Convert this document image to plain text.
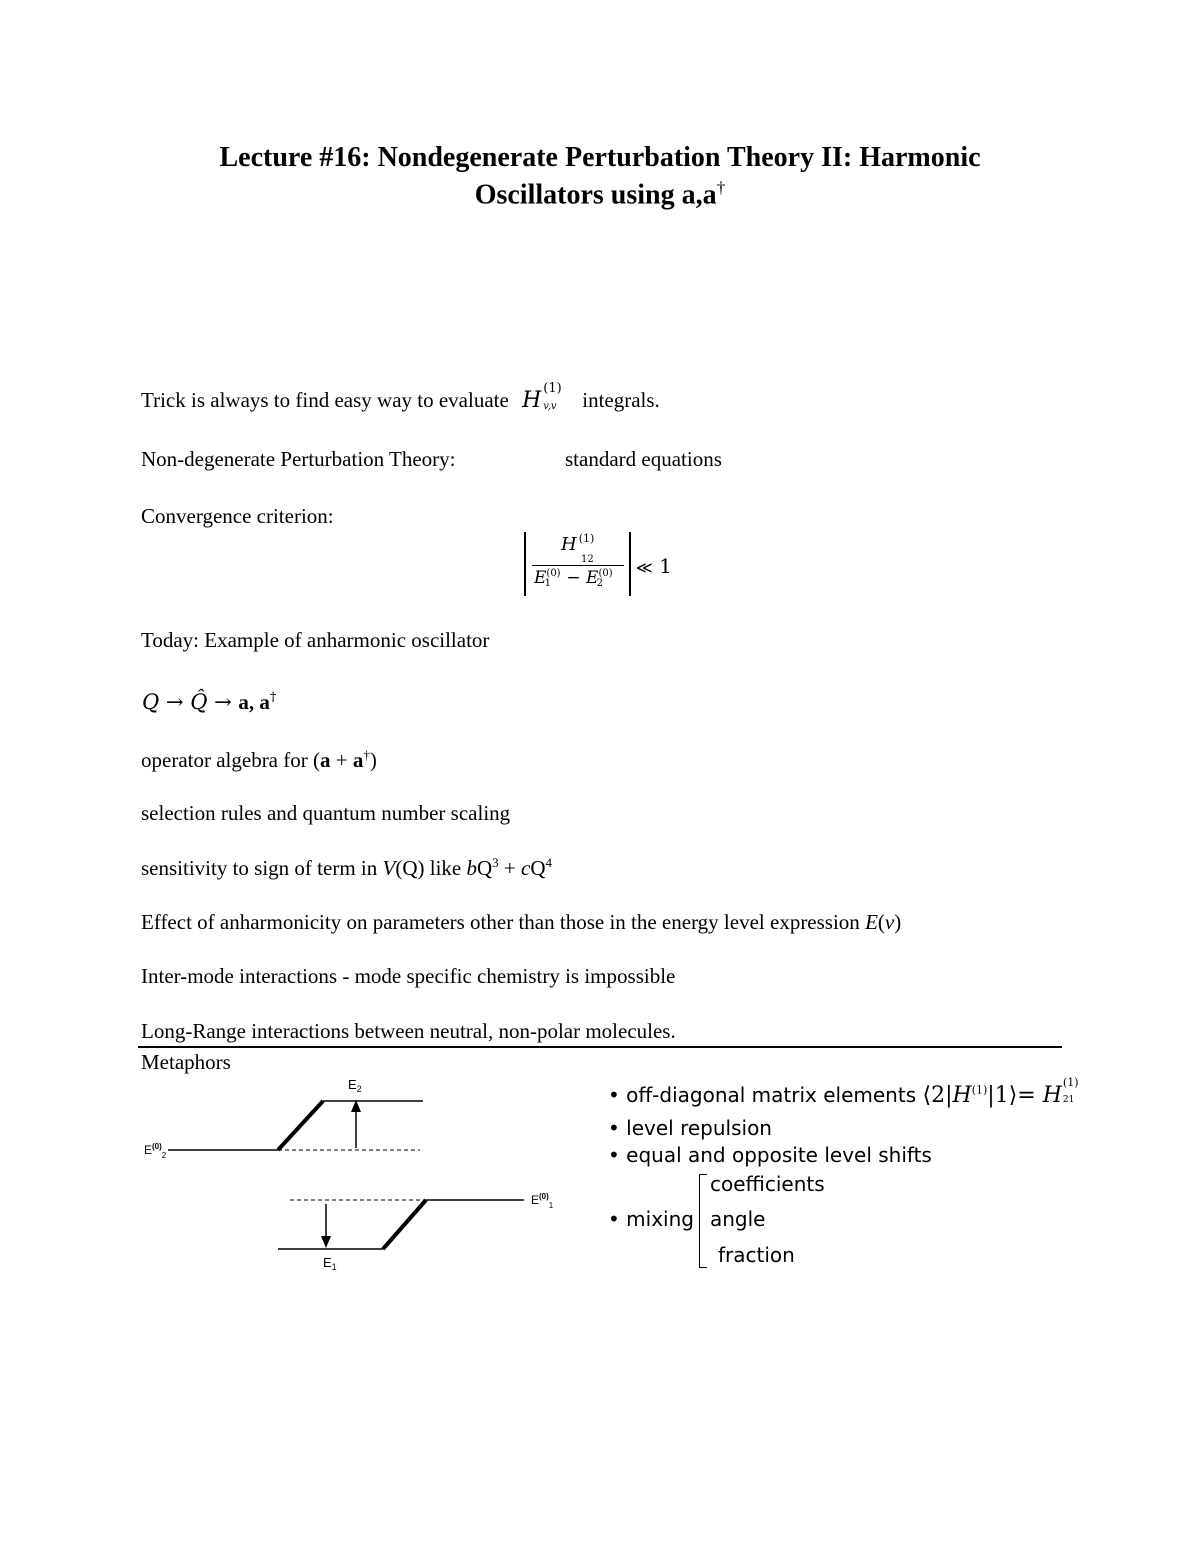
Lecture #16: Nondegenerate Perturbation Theory II: Harmonic
Oscillators using a,a†
Trick is always to find easy way to evaluate H (1)
v,v integrals.
Non-degenerate Perturbation Theory:	standard equations
Convergence criterion:
H $^{(1)}$
12
$E^{(0)}1 - E^{(0)}2$
≪ 1
Today: Example of anharmonic oscillator
Q → Q̂ → a, a†
operator algebra for (a + a†)
selection rules and quantum number scaling
sensitivity to sign of term in V(Q) like $bQ^3 + cQ^4$
Effect of anharmonicity on parameters other than those in the energy level expression E(v)
Inter-mode interactions - mode specific chemistry is impossible
Long-Range interactions between neutral, non-polar molecules.
Metaphors
$E_2$
$E^{(0)}_2$
$E^{(0)}_1$
$E_1$
• off-diagonal matrix elements $⟨2|H^{(1)}|1⟩= H$
(1)
21
• level repulsion
• equal and opposite level shifts
• mixing
coefficients
angle
fraction
